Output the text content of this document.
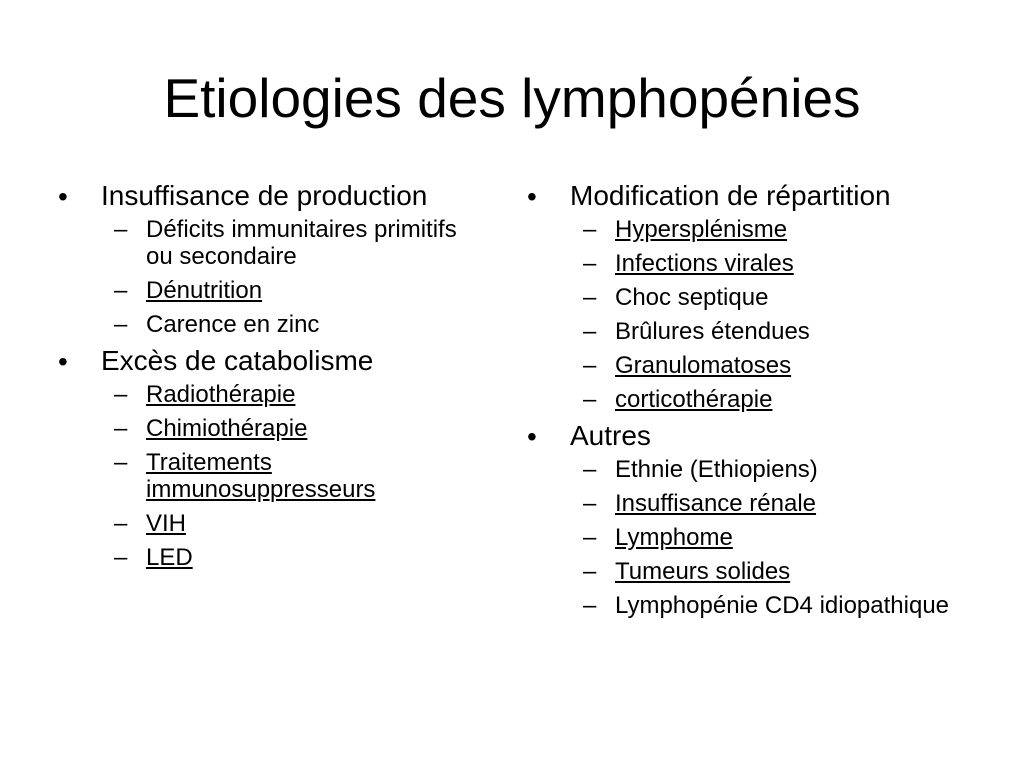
Etiologies des lymphopénies
• Insuffisance de production
– Déficits immunitaires primitifs ou secondaire
– Dénutrition
– Carence en zinc
• Excès de catabolisme
– Radiothérapie
– Chimiothérapie
– Traitements immunosuppresseurs
– VIH
– LED
• Modification de répartition
– Hypersplénisme
– Infections virales
– Choc septique
– Brûlures étendues
– Granulomatoses
– corticothérapie
• Autres
– Ethnie (Ethiopiens)
– Insuffisance rénale
– Lymphome
– Tumeurs solides
– Lymphopénie CD4 idiopathique
